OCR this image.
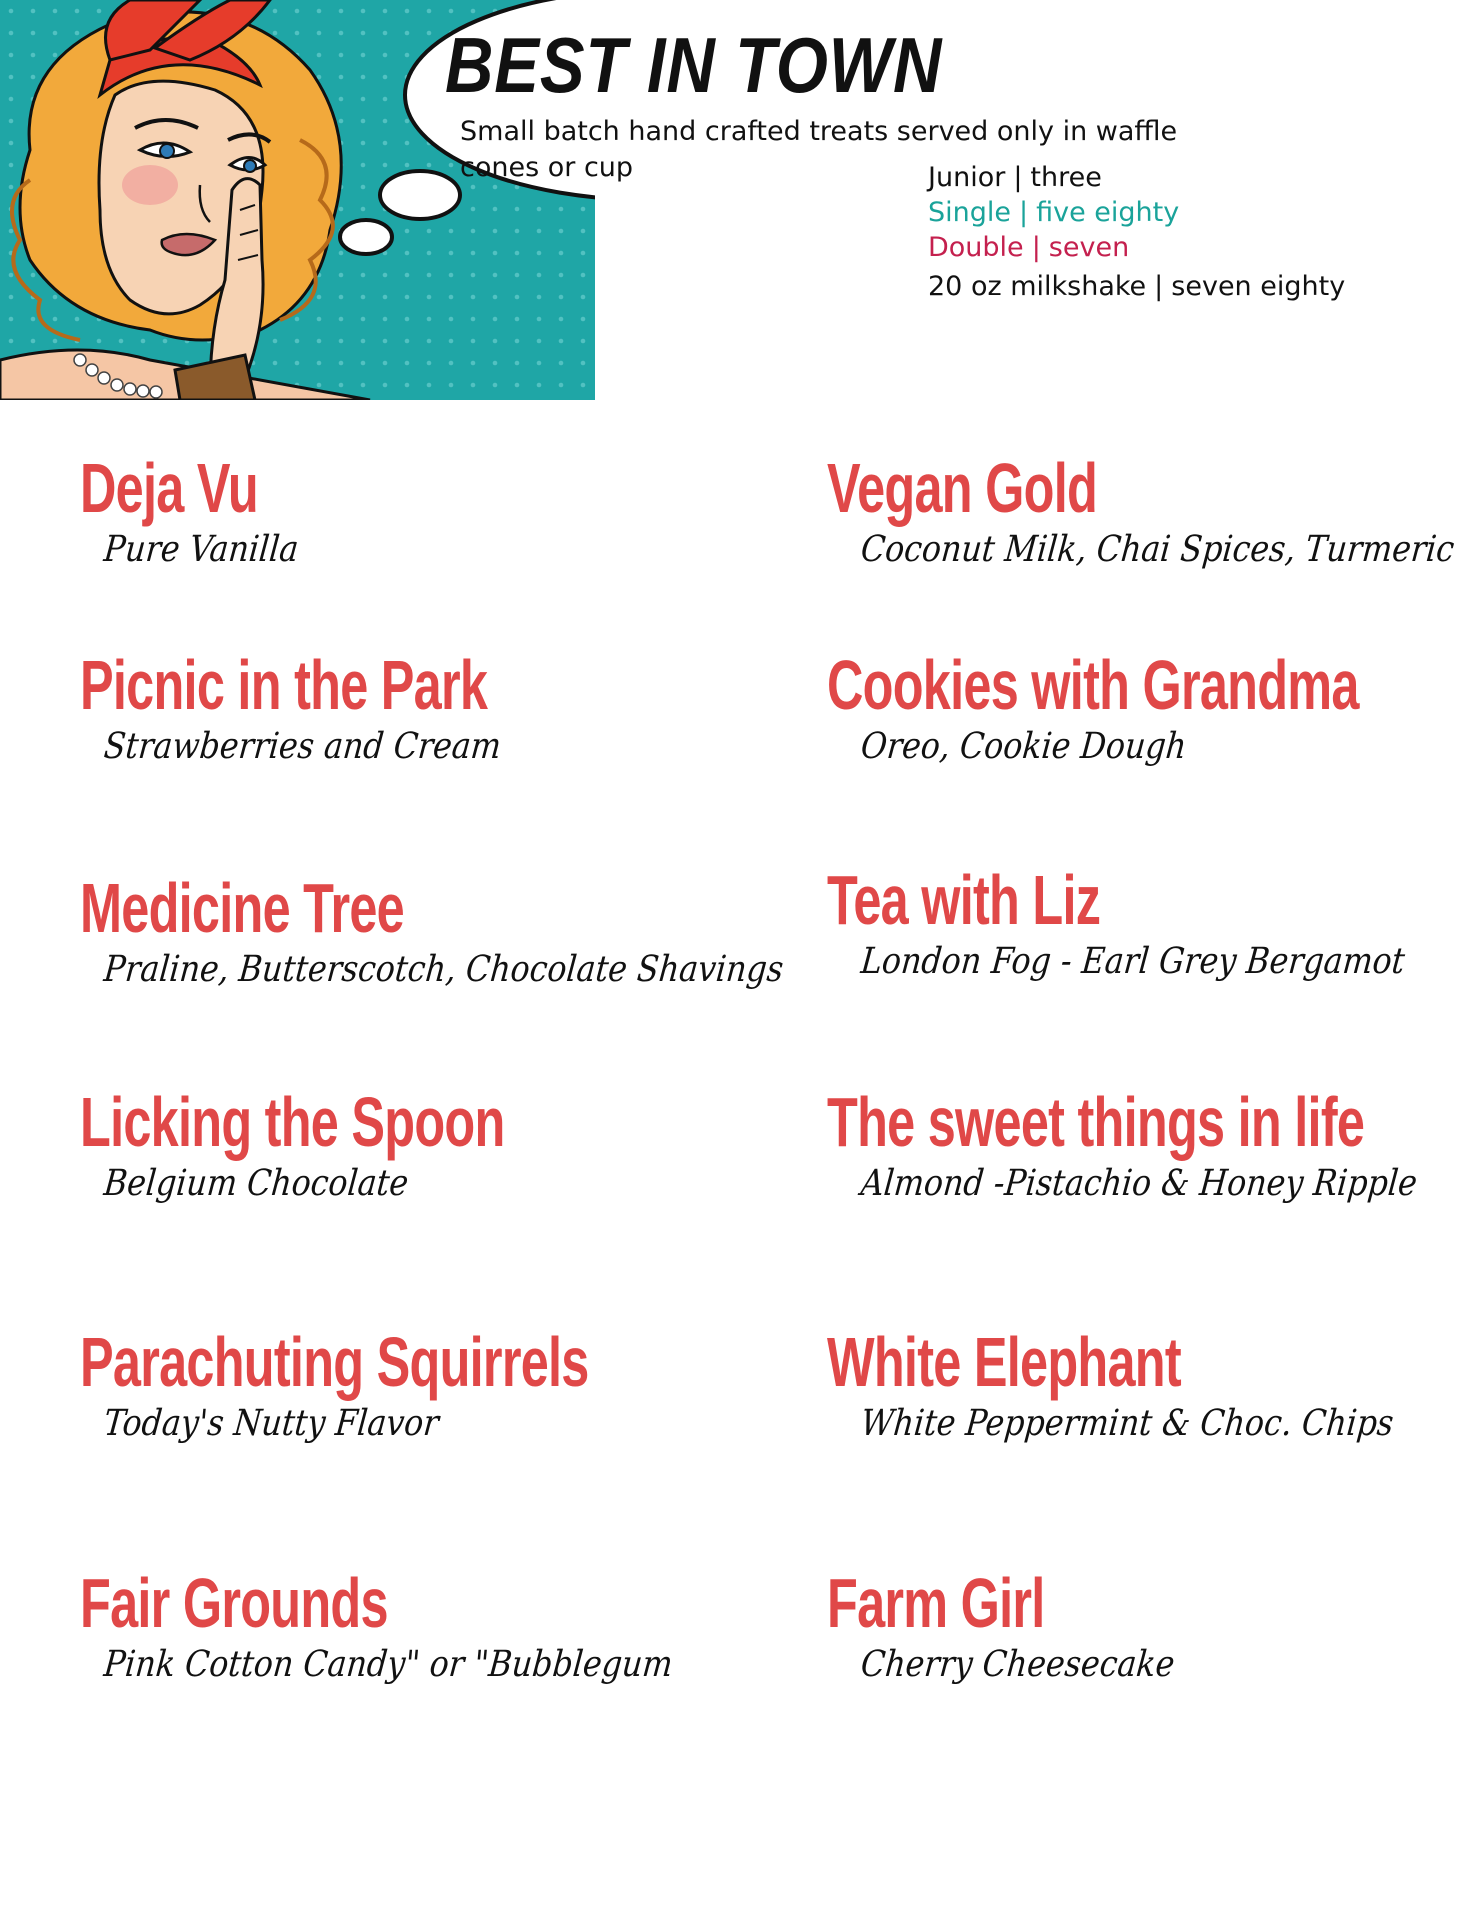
BEST IN TOWN
Small batch hand crafted treats served only in waffle cones or cup	Junior | three
Single | five eighty
Double | seven
20 oz milkshake | seven eighty
Deja Vu
Pure Vanilla
Picnic in the Park
Strawberries and Cream
Medicine Tree
Praline, Butterscotch, Chocolate Shavings
Licking the Spoon
Belgium Chocolate
Parachuting Squirrels
Today's Nutty Flavor
Fair Grounds
Pink Cotton Candy" or "Bubblegum
Vegan Gold
Coconut Milk, Chai Spices, Turmeric
Cookies with Grandma
Oreo, Cookie Dough
Tea with Liz
London Fog - Earl Grey Bergamot
The sweet things in life
Almond -Pistachio & Honey Ripple
White Elephant
White Peppermint & Choc. Chips
Farm Girl
Cherry Cheesecake
